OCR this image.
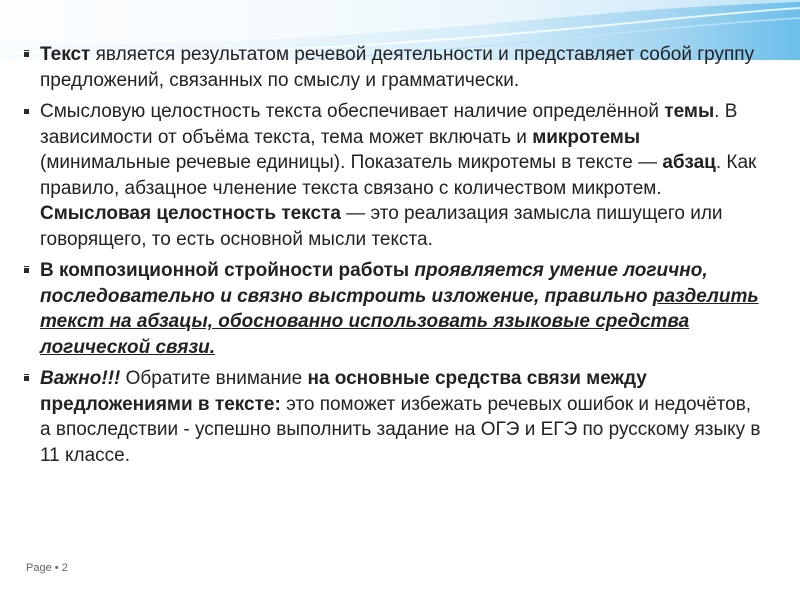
Текст является результатом речевой деятельности и представляет собой группу предложений, связанных по смыслу и грамматически.
Смысловую целостность текста обеспечивает наличие определённой темы. В зависимости от объёма текста, тема может включать и микротемы (минимальные речевые единицы). Показатель микротемы в тексте — абзац. Как правило, абзацное членение текста связано с количеством микротем. Смысловая целостность текста — это реализация замысла пишущего или говорящего, то есть основной мысли текста.
В композиционной стройности работы проявляется умение логично, последовательно и связно выстроить изложение, правильно разделить текст на абзацы, обоснованно использовать языковые средства логической связи.
Важно!!! Обратите внимание на основные средства связи между предложениями в тексте: это поможет избежать речевых ошибок и недочётов, а впоследствии - успешно выполнить задание на ОГЭ и ЕГЭ по русскому языку в 11 классе.
Page • 2
